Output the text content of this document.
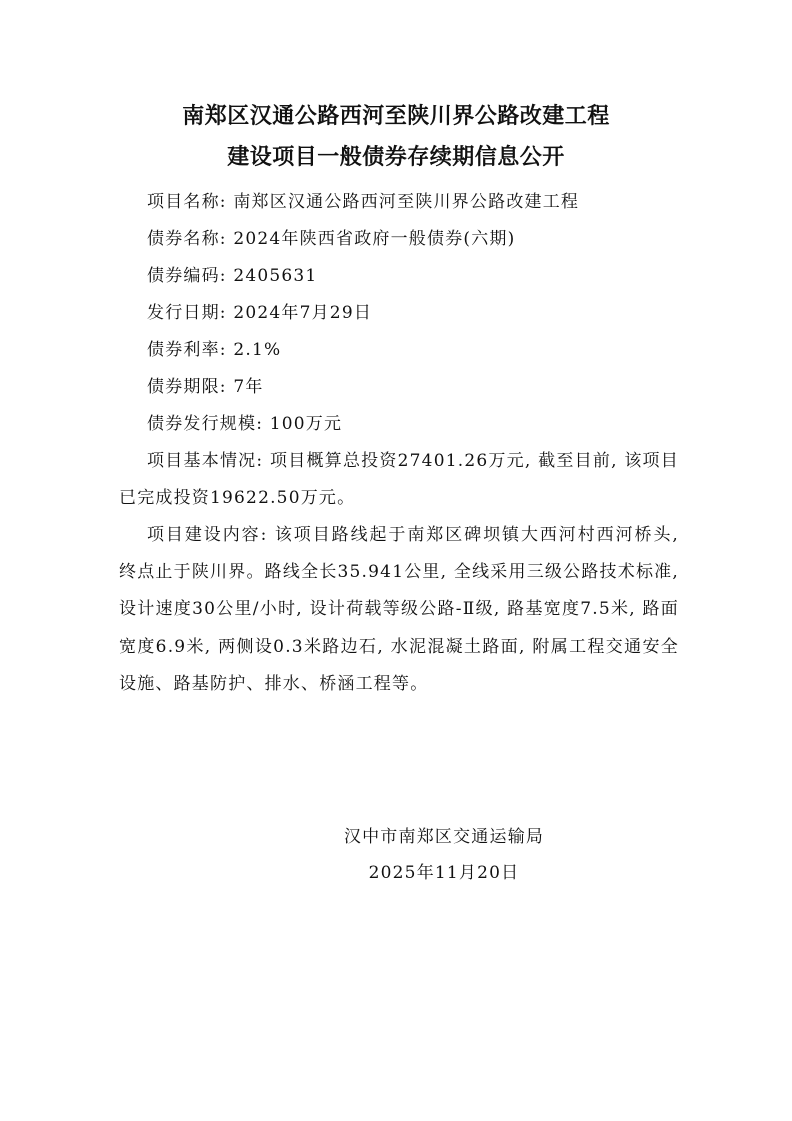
南郑区汉通公路西河至陕川界公路改建工程
建设项目一般债券存续期信息公开
项目名称: 南郑区汉通公路西河至陕川界公路改建工程
债券名称: 2024年陕西省政府一般债券(六期)
债券编码: 2405631
发行日期: 2024年7月29日
债券利率: 2.1%
债券期限: 7年
债券发行规模: 100万元
项目基本情况: 项目概算总投资27401.26万元, 截至目前, 该项目已完成投资19622.50万元。
项目建设内容: 该项目路线起于南郑区碑坝镇大西河村西河桥头, 终点止于陕川界。路线全长35.941公里, 全线采用三级公路技术标准, 设计速度30公里/小时, 设计荷载等级公路-Ⅱ级, 路基宽度7.5米, 路面宽度6.9米, 两侧设0.3米路边石, 水泥混凝土路面, 附属工程交通安全设施、路基防护、排水、桥涵工程等。
汉中市南郑区交通运输局
2025年11月20日
